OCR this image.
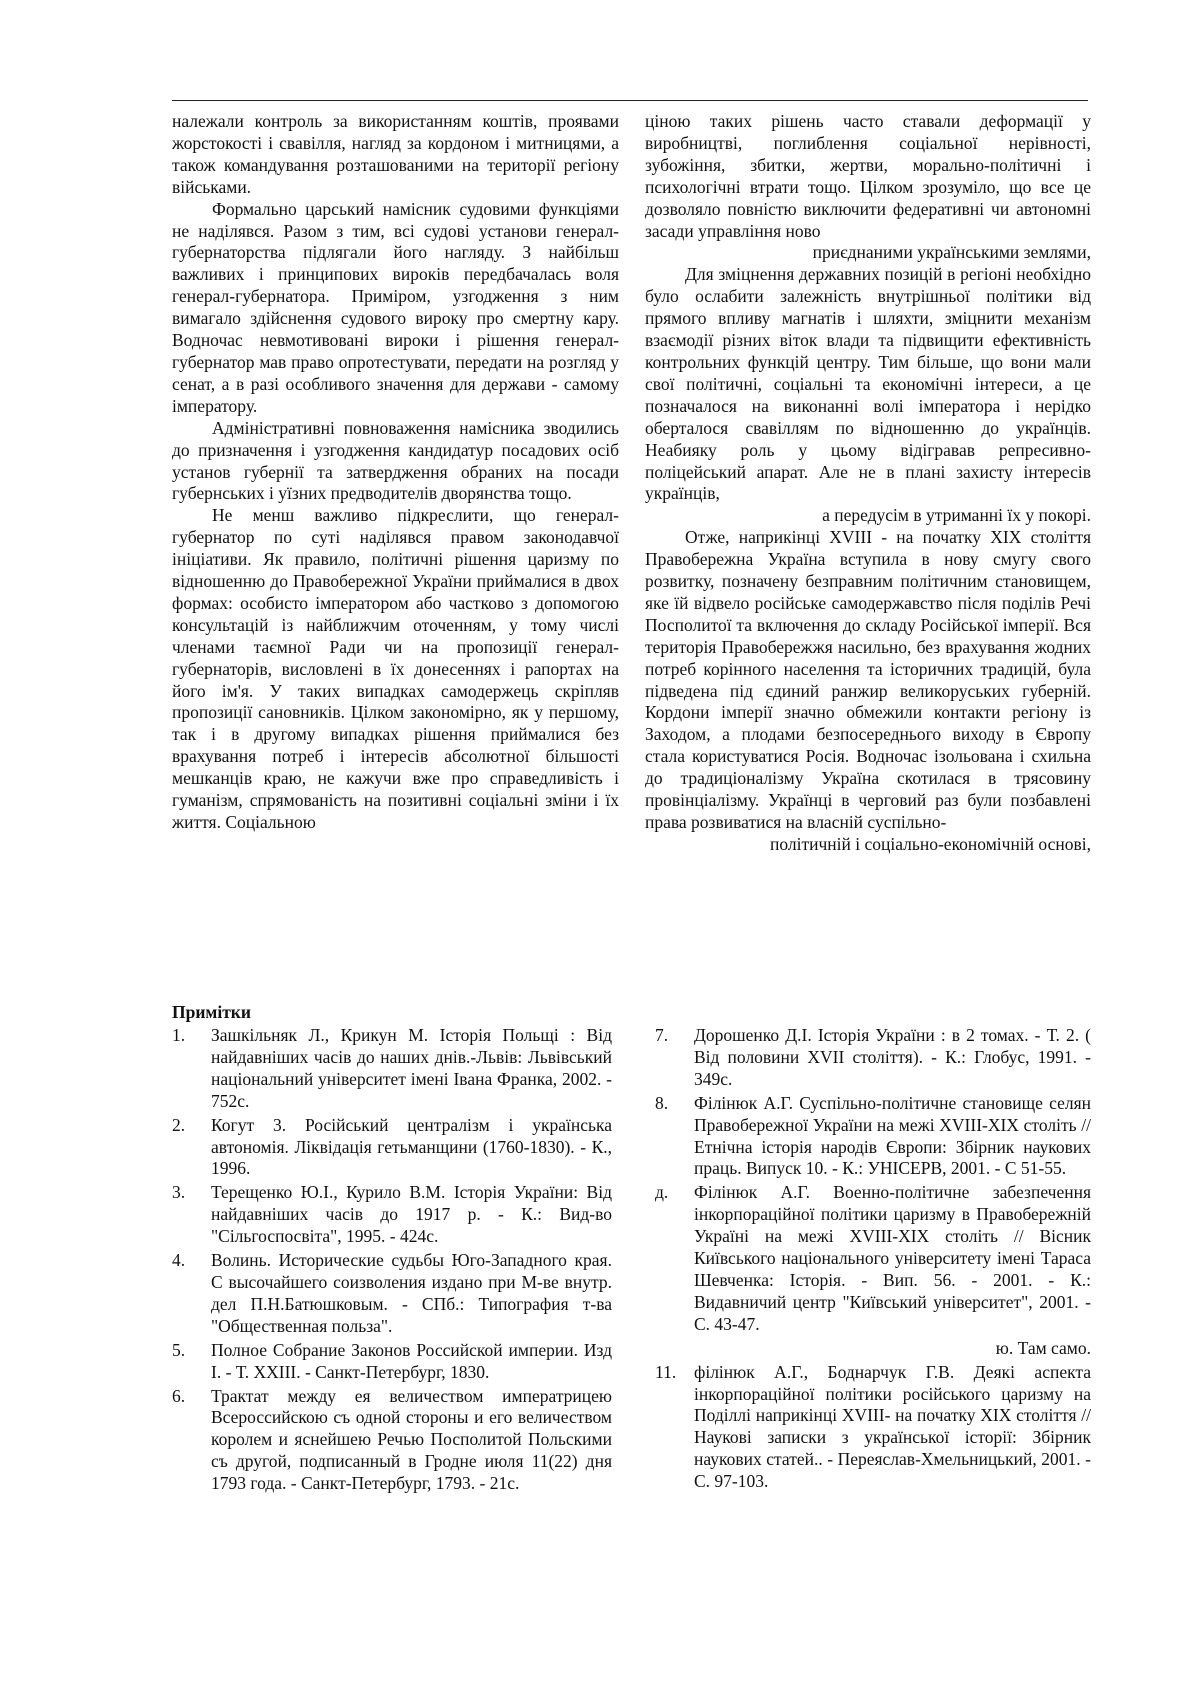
належали контроль за використанням коштів, проявами жорстокості і свавілля, нагляд за кордоном і митницями, а також командування розташованими на території регіону військами.

Формально царський намісник судовими функціями не наділявся. Разом з тим, всі судові установи генерал-губернаторства підлягали його нагляду. З найбільш важливих і принципових вироків передбачалась воля генерал-губернатора. Приміром, узгодження з ним вимагало здійснення судового вироку про смертну кару. Водночас невмотивовані вироки і рішення генерал-губернатор мав право опротестувати, передати на розгляд у сенат, а в разі особливого значення для держави - самому імператору.

Адміністративні повноваження намісника зводились до призначення і узгодження кандидатур посадових осіб установ губернії та затвердження обраних на посади губернських і уїзних предводителів дворянства тощо.

Не менш важливо підкреслити, що генерал-губернатор по суті наділявся правом законодавчої ініціативи. Як правило, політичні рішення царизму по відношенню до Правобережної України приймалися в двох формах: особисто імператором або частково з допомогою консультацій із найближчим оточенням, у тому числі членами таємної Ради чи на пропозиції генерал-губернаторів, висловлені в їх донесеннях і рапортах на його ім'я. У таких випадках самодержець скріпляв пропозиції сановників. Цілком закономірно, як у першому, так і в другому випадках рішення приймалися без врахування потреб і інтересів абсолютної більшості мешканців краю, не кажучи вже про справедливість і гуманізм, спрямованість на позитивні соціальні зміни і їх життя. Соціальною

ціною таких рішень часто ставали деформації у виробництві, поглиблення соціальної нерівності, зубожіння, збитки, жертви, морально-політичні і психологічні втрати тощо. Цілком зрозуміло, що все це дозволяло повністю виключити федеративні чи автономні засади управління ново

приєднаними українськими землями,

Для зміцнення державних позицій в регіоні необхідно було ослабити залежність внутрішньої політики від прямого впливу магнатів і шляхти, зміцнити механізм взаємодії різних віток влади та підвищити ефективність контрольних функцій центру. Тим більше, що вони мали свої політичні, соціальні та економічні інтереси, а це позначалося на виконанні волі імператора і нерідко оберталося свавіллям по відношенню до українців. Неабияку роль у цьому відігравав репресивно-поліцейський апарат. Але не в плані захисту інтересів українців,

а передусім в утриманні їх у покорі.

Отже, наприкінці XVIII - на початку XIX століття Правобережна Україна вступила в нову смугу свого розвитку, позначену безправним політичним становищем, яке їй відвело російське самодержавство після поділів Речі Посполитої та включення до складу Російської імперії. Вся територія Правобережжя насильно, без врахування жодних потреб корінного населення та історичних традицій, була підведена під єдиний ранжир великоруських губерній. Кордони імперії значно обмежили контакти регіону із Заходом, а плодами безпосереднього виходу в Європу стала користуватися Росія. Водночас ізольована і схильна до традиціоналізму Україна скотилася в трясовину провінціалізму. Українці в черговий раз були позбавлені права розвиватися на власній суспільно-

політичній і соціально-економічній основі,

Примітки
1. Зашкільняк Л., Крикун М. Історія Польщі : Від найдавніших часів до наших днів.-Львів: Львівський національний університет імені Івана Франка, 2002. - 752с.
2. Когут 3. Російський централізм і українська автономія. Ліквідація гетьманщини (1760-1830). - К., 1996.
3. Терещенко Ю.І., Курило В.М. Історія України: Від найдавніших часів до 1917 р. - К.: Вид-во "Сільгоспосвіта", 1995. - 424с.
4. Волинь. Исторические судьбы Юго-Западного края. С высочайшего соизволения издано при М-ве внутр. дел П.Н.Батюшковым. - СПб.: Типография т-ва "Общественная польза".
5. Полное Собрание Законов Российской империи. Изд І. - Т. XXIII. - Санкт-Петербург, 1830.
6. Трактат между ея величеством императрицею Всероссийскою съ одной стороны и его величеством королем и яснейшею Речью Посполитой Польскими съ другой, подписанный в Гродне июля 11(22) дня 1793 года. - Санкт-Петербург, 1793. - 21с.
7. Дорошенко Д.І. Історія України : в 2 томах. - Т. 2. ( Від половини XVII століття). - К.: Глобус, 1991. - 349с.
8. Філінюк А.Г. Суспільно-політичне становище селян Правобережної України на межі XVIII-XIX століть // Етнічна історія народів Європи: Збірник наукових праць. Випуск 10. - К.: УНІСЕРВ, 2001. - С 51-55.
д. Філінюк А.Г. Военно-політичне забезпечення інкорпораційної політики царизму в Правобережній Україні на межі XVIII-XIX століть // Вісник Київського національного університету імені Тараса Шевченка: Історія. - Вип. 56. - 2001. - К.: Видавничий центр "Київський університет", 2001. - С. 43-47.
ю. Там само.
11. філінюк А.Г., Боднарчук Г.В. Деякі аспекта інкорпораційної політики російського царизму на Поділлі наприкінці XVIII- на початку XIX століття // Наукові записки з української історії: Збірник наукових статей.. - Переяслав-Хмельницький, 2001. - С. 97-103.
